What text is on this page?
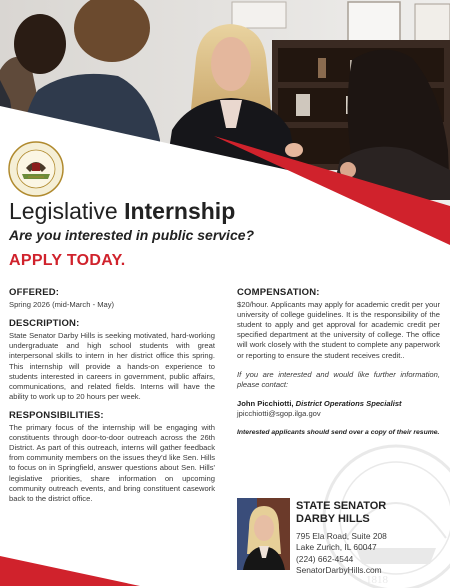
1818
Legislative Internship

Are you interested in public service?

APPLY TODAY.

OFFERED:

Spring 2026 (mid-March - May)

DESCRIPTION:

State Senator Darby Hills is seeking motivated, hard-working undergraduate and high school students with great interpersonal skills to intern in her district office this spring. This internship will provide a hands-on experience to students interested in careers in government, public affairs, communications, and related fields. Interns will have the ability to work up to 20 hours per week.

RESPONSIBILITIES:

The primary focus of the internship will be engaging with constituents through door-to-door outreach across the 26th District. As part of this outreach, interns will gather feedback from community members on the issues they'd like Sen. Hills to focus on in Springfield, answer questions about Sen. Hills' legislative priorities, share information on upcoming community outreach events, and bring constituent casework back to the district office.

COMPENSATION:

$20/hour. Applicants may apply for academic credit per your university of college guidelines. It is the responsibility of the student to apply and get approval for academic credit per specified department at the university of college. The office will work closely with the student to complete any paperwork or reporting to ensure the student receives credit..

If you are interested and would like further information, please contact:

John Picchiotti, District Operations Specialist

jpicchiotti@sgop.ilga.gov

Interested applicants should send over a copy of their resume.

STATE SENATOR

DARBY HILLS

795 Ela Road, Suite 208

Lake Zurich, IL 60047

(224) 662-4544

SenatorDarbyHills.com
